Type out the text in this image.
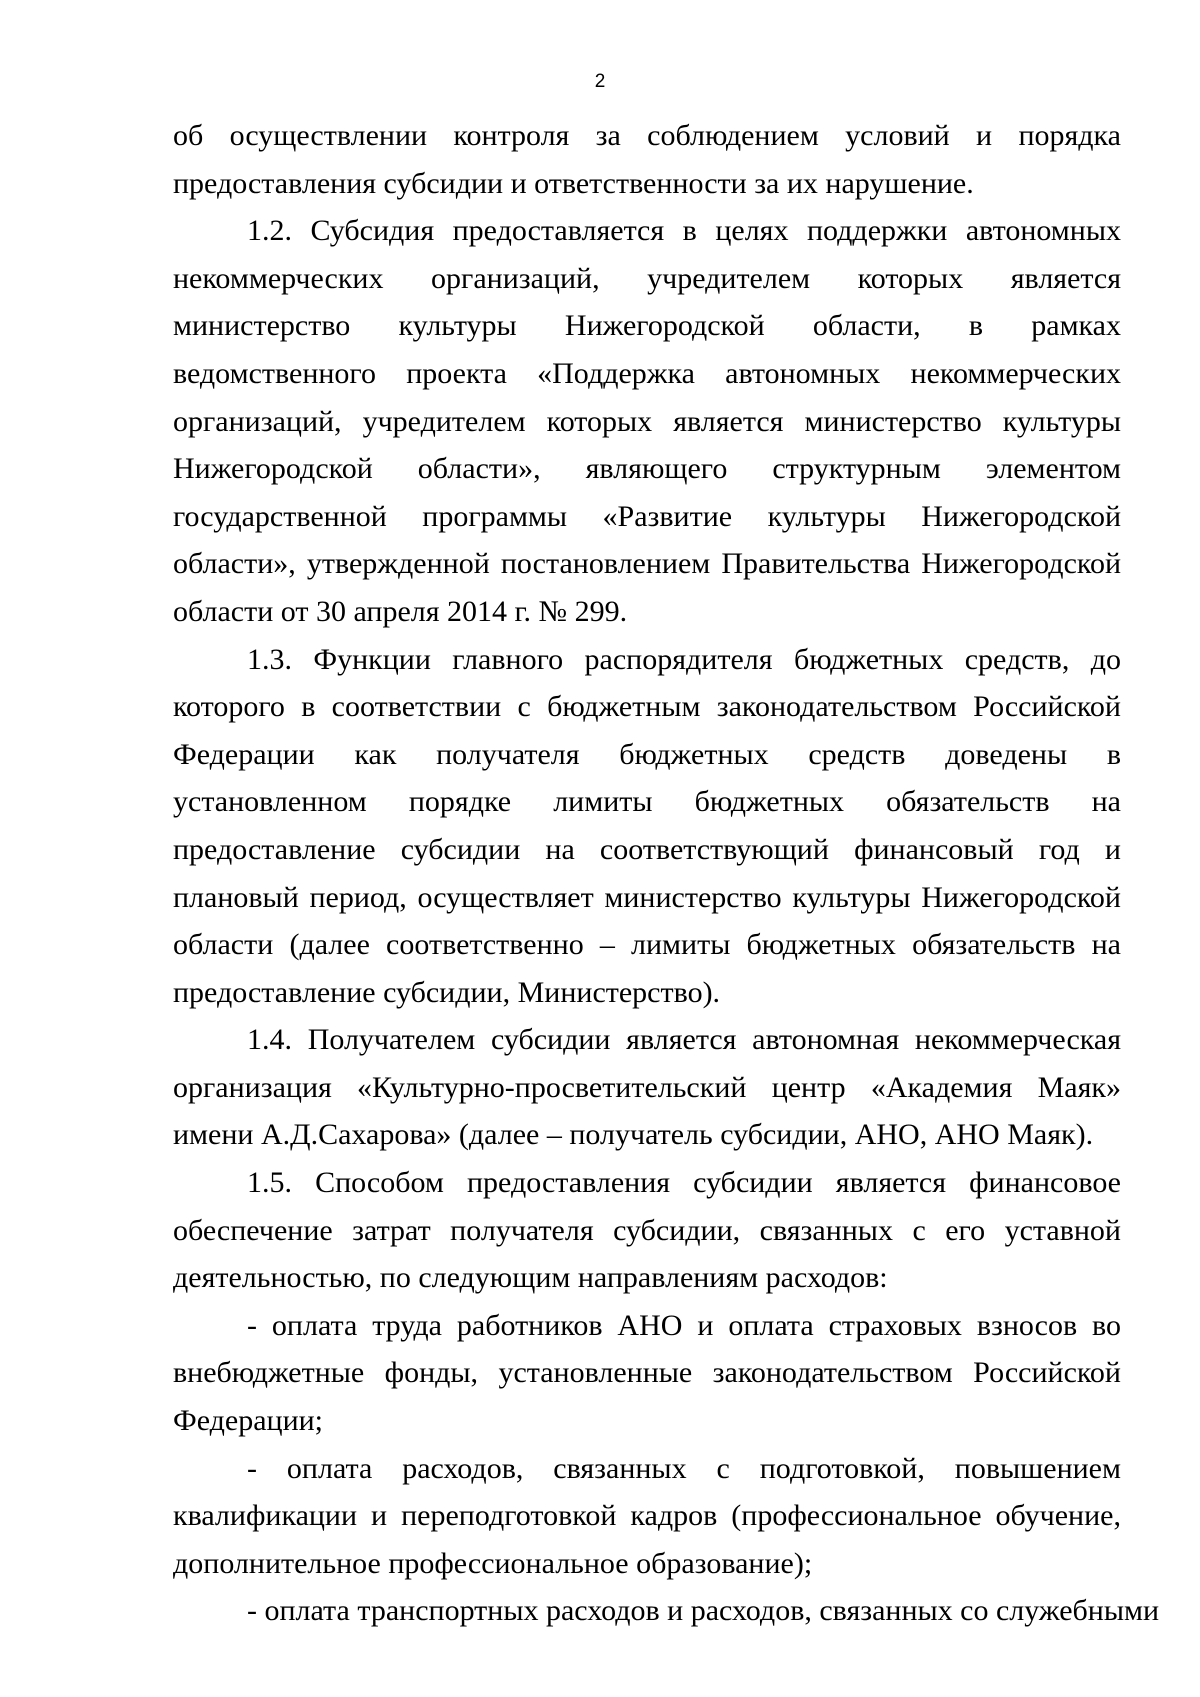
2

об осуществлении контроля за соблюдением условий и порядка предоставления субсидии и ответственности за их нарушение.

1.2. Субсидия предоставляется в целях поддержки автономных некоммерческих организаций, учредителем которых является министерство культуры Нижегородской области, в рамках ведомственного проекта «Поддержка автономных некоммерческих организаций, учредителем которых является министерство культуры Нижегородской области», являющего структурным элементом государственной программы «Развитие культуры Нижегородской области», утвержденной постановлением Правительства Нижегородской области от 30 апреля 2014 г. № 299.

1.3. Функции главного распорядителя бюджетных средств, до которого в соответствии с бюджетным законодательством Российской Федерации как получателя бюджетных средств доведены в установленном порядке лимиты бюджетных обязательств на предоставление субсидии на соответствующий финансовый год и плановый период, осуществляет министерство культуры Нижегородской области (далее соответственно – лимиты бюджетных обязательств на предоставление субсидии, Министерство).

1.4. Получателем субсидии является автономная некоммерческая организация «Культурно-просветительский центр «Академия Маяк» имени А.Д.Сахарова» (далее – получатель субсидии, АНО, АНО Маяк).

1.5. Способом предоставления субсидии является финансовое обеспечение затрат получателя субсидии, связанных с его уставной деятельностью, по следующим направлениям расходов:

- оплата труда работников АНО и оплата страховых взносов во внебюджетные фонды, установленные законодательством Российской Федерации;

- оплата расходов, связанных с подготовкой, повышением квалификации и переподготовкой кадров (профессиональное обучение, дополнительное профессиональное образование);

- оплата транспортных расходов и расходов, связанных со служебными
